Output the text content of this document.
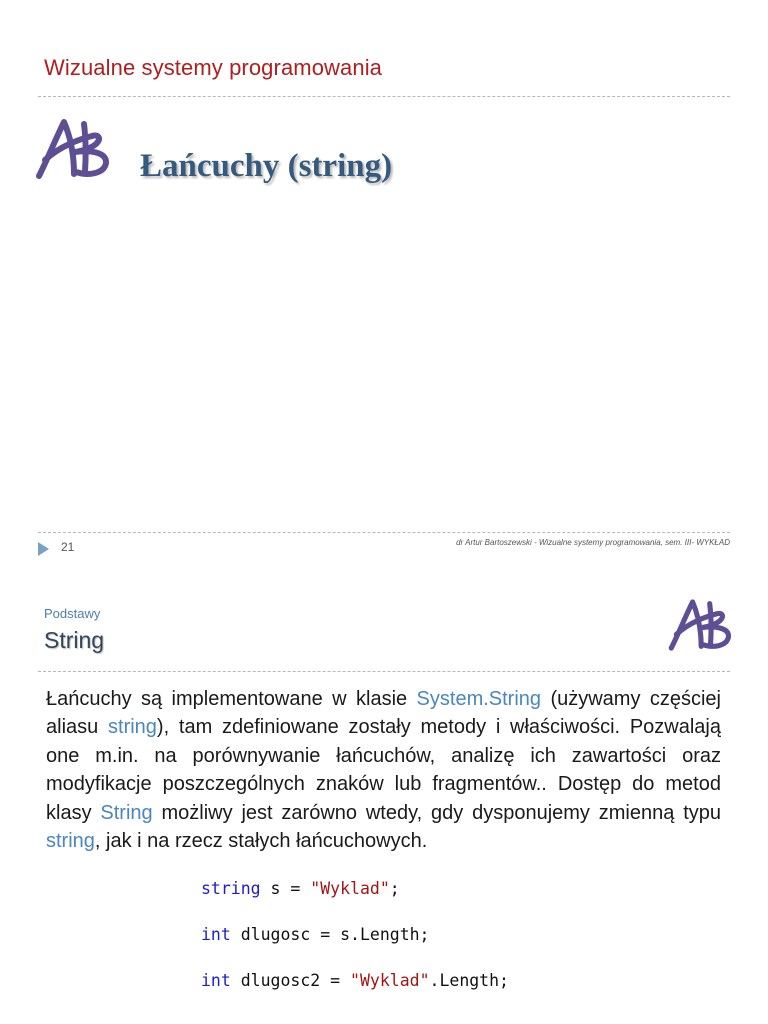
Wizualne systemy programowania
Łańcuchy (string)
21	dr Artur Bartoszewski - Wizualne systemy programowania, sem. III- WYKŁAD
Podstawy
String

Łańcuchy są implementowane w klasie System.String (używamy częściej aliasu string), tam zdefiniowane zostały metody i właściwości. Pozwalają one m.in. na porównywanie łańcuchów, analizę ich zawartości oraz modyfikacje poszczególnych znaków lub fragmentów.. Dostęp do metod klasy String możliwy jest zarówno wtedy, gdy dysponujemy zmienną typu string, jak i na rzecz stałych łańcuchowych.

string s = "Wyklad";
int dlugosc = s.Length;
int dlugosc2 = "Wyklad".Length;
